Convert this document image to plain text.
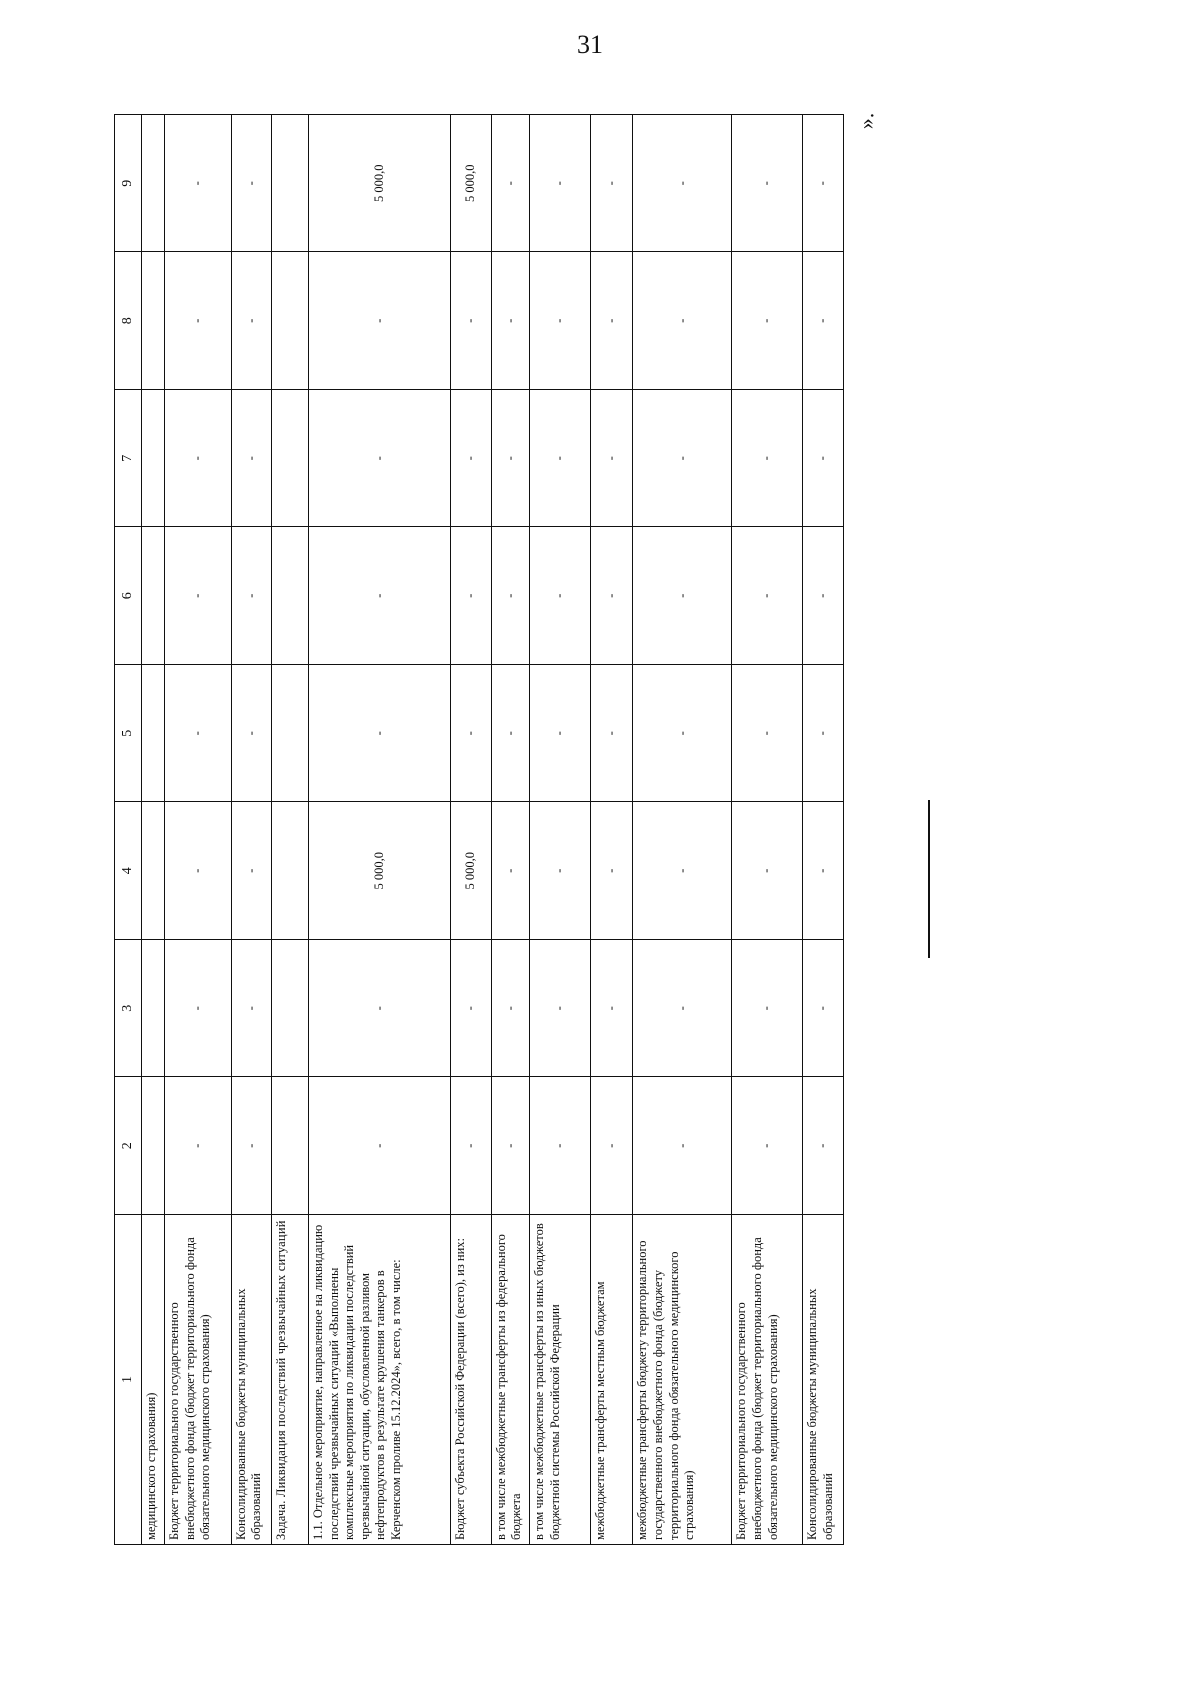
31
».
1	2	3	4	5	6	7	8	9
медицинского страхования)								
Бюджет территориального государственного внебюджетного фонда (бюджет территориального фонда обязательного медицинского страхования)	-	-	-	-	-	-	-	-
Консолидированные бюджеты муниципальных образований	-	-	-	-	-	-	-	-
Задача. Ликвидация последствий чрезвычайных ситуаций								
1.1. Отдельное мероприятие, направленное на ликвидацию последствий чрезвычайных ситуаций «Выполнены комплексные мероприятия по ликвидации последствий чрезвычайной ситуации, обусловленной разливом нефтепродуктов в результате крушения танкеров в Керченском проливе 15.12.2024», всего, в том числе:	-	-	5 000,0	-	-	-	-	5 000,0
Бюджет субъекта Российской Федерации (всего), из них:	-	-	5 000,0	-	-	-	-	5 000,0
в том числе межбюджетные трансферты из федерального бюджета	-	-	-	-	-	-	-	-
в том числе межбюджетные трансферты из иных бюджетов бюджетной системы Российской Федерации	-	-	-	-	-	-	-	-
межбюджетные трансферты местным бюджетам	-	-	-	-	-	-	-	-
межбюджетные трансферты бюджету территориального государственного внебюджетного фонда (бюджету территориального фонда обязательного медицинского страхования)	-	-	-	-	-	-	-	-
Бюджет территориального государственного внебюджетного фонда (бюджет территориального фонда обязательного медицинского страхования)	-	-	-	-	-	-	-	-
Консолидированные бюджеты муниципальных образований	-	-	-	-	-	-	-	-
